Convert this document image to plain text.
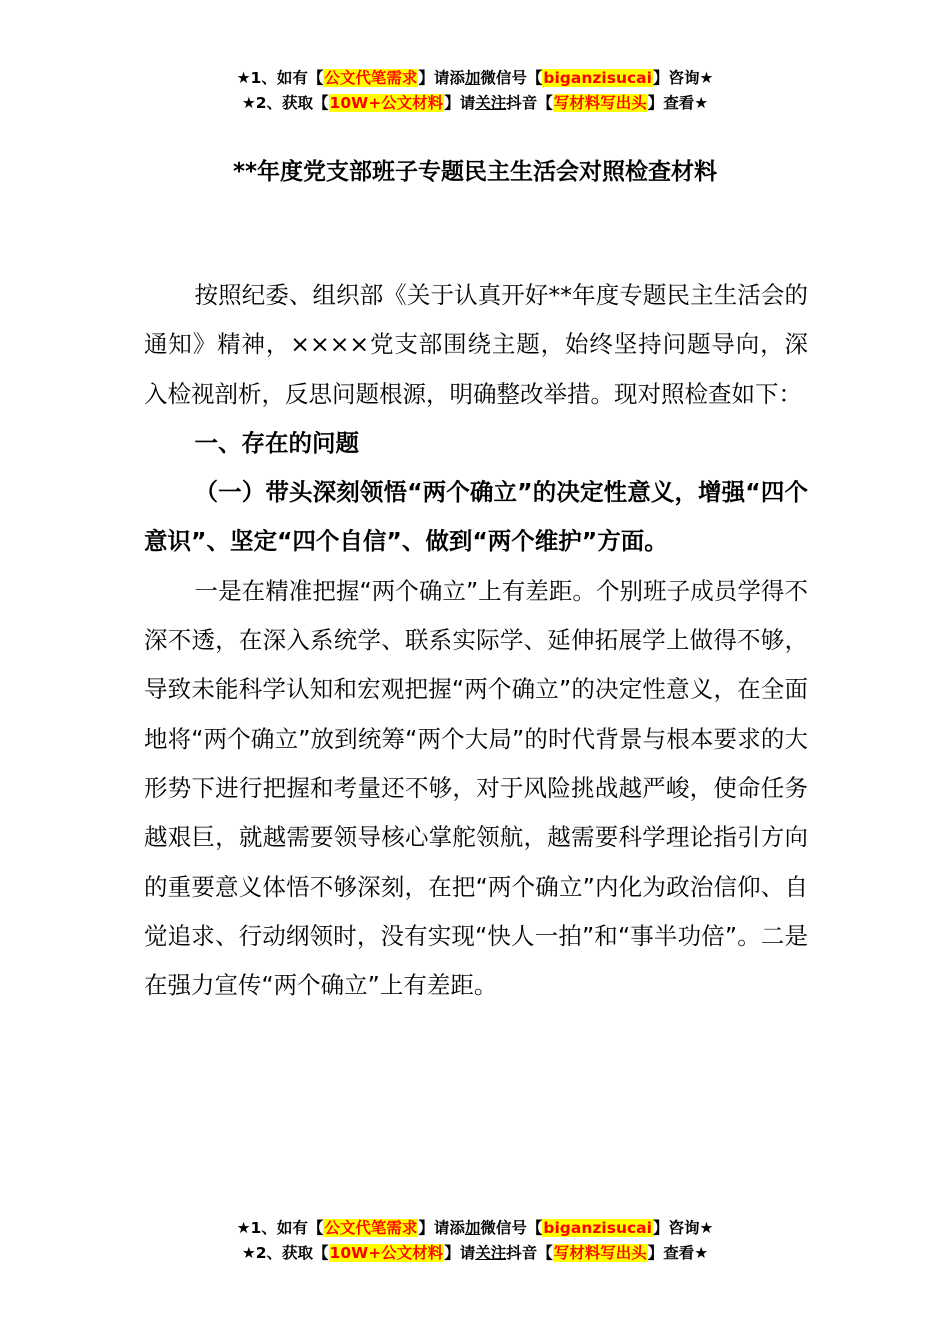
★1、如有【公文代笔需求】请添加微信号【biganzisucai】咨询★
★2、获取【10W+公文材料】请关注抖音【写材料写出头】查看★
**年度党支部班子专题民主生活会对照检查材料

按照纪委、组织部《关于认真开好**年度专题民主生活会的通知》精神，××××党支部围绕主题，始终坚持问题导向，深入检视剖析，反思问题根源，明确整改举措。现对照检查如下：

一、存在的问题

（一）带头深刻领悟“两个确立”的决定性意义，增强“四个意识”、坚定“四个自信”、做到“两个维护”方面。

一是在精准把握“两个确立”上有差距。个别班子成员学得不深不透，在深入系统学、联系实际学、延伸拓展学上做得不够，导致未能科学认知和宏观把握“两个确立”的决定性意义，在全面地将“两个确立”放到统筹“两个大局”的时代背景与根本要求的大形势下进行把握和考量还不够，对于风险挑战越严峻，使命任务越艰巨，就越需要领导核心掌舵领航，越需要科学理论指引方向的重要意义体悟不够深刻，在把“两个确立”内化为政治信仰、自觉追求、行动纲领时，没有实现“快人一拍”和“事半功倍”。二是在强力宣传“两个确立”上有差距。

★1、如有【公文代笔需求】请添加微信号【biganzisucai】咨询★
★2、获取【10W+公文材料】请关注抖音【写材料写出头】查看★
